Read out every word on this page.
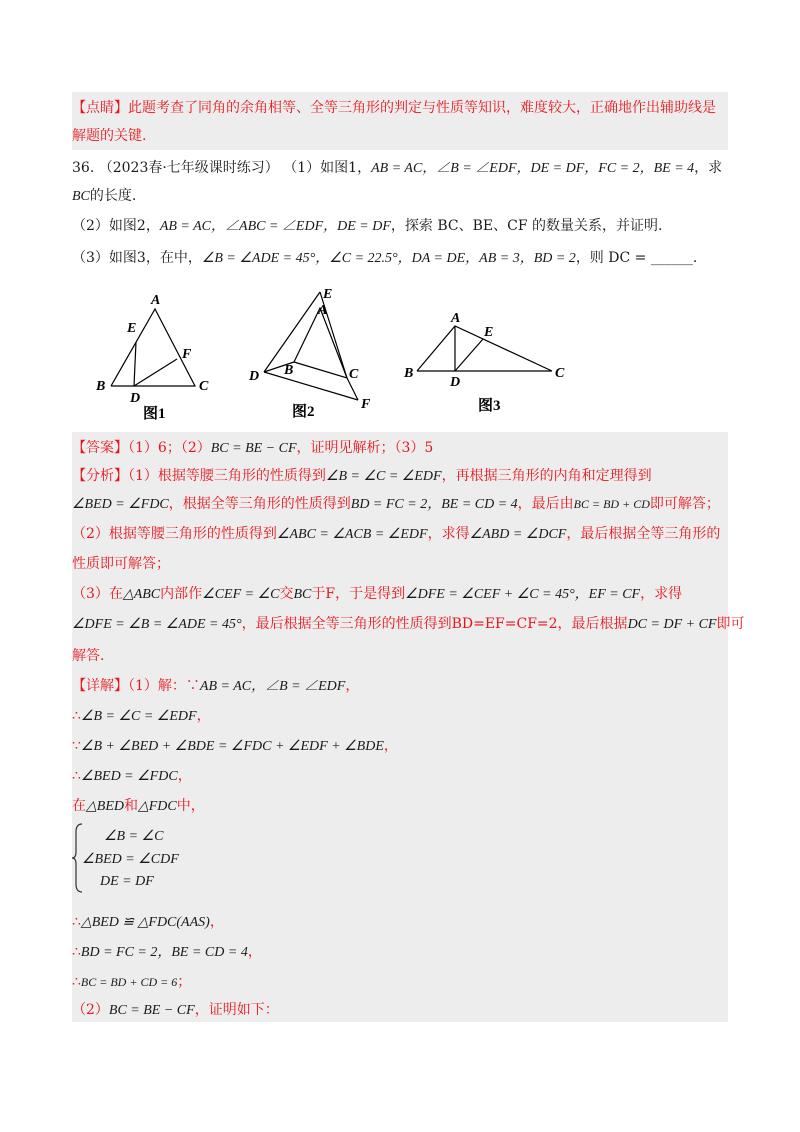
【点睛】此题考查了同角的余角相等、全等三角形的判定与性质等知识，难度较大，正确地作出辅助线是
解题的关键.
36. （2023春·七年级课时练习） （1）如图1，AB = AC，∠B = ∠EDF，DE = DF，FC = 2，BE = 4，求
BC的长度.
（2）如图2，AB = AC，∠ABC = ∠EDF，DE = DF，探索 BC、BE、CF 的数量关系，并证明.
（3）如图3，在中，∠B = ∠ADE = 45°，∠C = 22.5°，DA = DE，AB = 3，BD = 2，则 DC = ______.
A
E
F
B
D
C
图1
E
A
D B	C
F
图2
A
E
B
D
C
图3
【答案】（1）6；（2）BC = BE − CF，证明见解析；（3）5
【分析】（1）根据等腰三角形的性质得到∠B = ∠C = ∠EDF，再根据三角形的内角和定理得到
∠BED = ∠FDC，根据全等三角形的性质得到BD = FC = 2，BE = CD = 4，最后由BC = BD + CD即可解答；
（2）根据等腰三角形的性质得到∠ABC = ∠ACB = ∠EDF，求得∠ABD = ∠DCF，最后根据全等三角形的
性质即可解答；
（3）在△ABC内部作∠CEF = ∠C交BC于F，于是得到∠DFE = ∠CEF + ∠C = 45°，EF = CF，求得
∠DFE = ∠B = ∠ADE = 45°，最后根据全等三角形的性质得到BD=EF=CF=2，最后根据DC = DF + CF即可
解答.
【详解】（1）解：∵AB = AC，∠B = ∠EDF，
∴∠B = ∠C = ∠EDF，
∵∠B + ∠BED + ∠BDE = ∠FDC + ∠EDF + ∠BDE，
∴∠BED = ∠FDC，
在△BED和△FDC中，
∠B = ∠C
∠BED = ∠CDF
DE = DF
∴△BED ≌ △FDC(AAS)，
∴BD = FC = 2，BE = CD = 4，
∴BC = BD + CD = 6；
（2）BC = BE − CF，证明如下：
